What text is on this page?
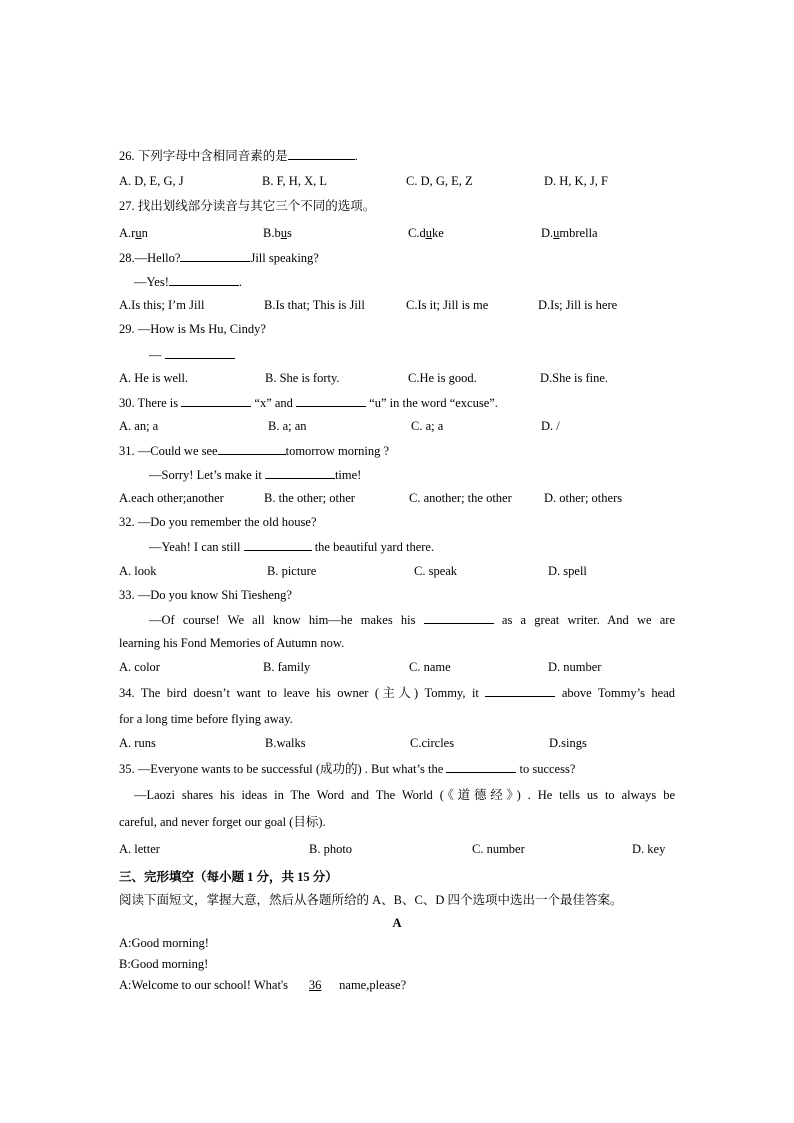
26. 下列字母中含相同音素的是	.
A. D, E, G, J	B. F, H, X, L	C. D, G, E, Z	D. H, K, J, F
27. 找出划线部分读音与其它三个不同的选项。
A.run	B.bus	C.duke	D.umbrella
28.—Hello?	Jill speaking?
—Yes!	.
A.Is this; I’m Jill	B.Is that; This is Jill	C.Is it; Jill is me	D.Is; Jill is here
29. —How is Ms Hu, Cindy?
—
A. He is well.	B. She is forty.	C.He is good.	D.She is fine.
30. There is	“x” and	“u” in the word “excuse”.
A. an; a	B. a; an	C. a; a	D. /
31. —Could we see	tomorrow morning ?
—Sorry! Let’s make it	time!
A.each other;another	B. the other; other	C. another; the other	D. other; others
32. —Do you remember the old house?
—Yeah! I can still	the beautiful yard there.
A. look	B. picture	C. speak	D. spell
33. —Do you know Shi Tiesheng?
—Of course! We all know him—he makes his	as a great writer. And we are
learning his Fond Memories of Autumn now.
A. color	B. family	C. name	D. number
34. The bird doesn’t want to leave his owner (主人) Tommy, it	above Tommy’s head
for a long time before flying away.
A. runs	B.walks	C.circles	D.sings
35. —Everyone wants to be successful (成功的) . But what’s the	to success?
—Laozi shares his ideas in The Word and The World (《道德经》) . He tells us to always be
careful, and never forget our goal (目标).
A. letter	B. photo	C. number	D. key
三、完形填空（每小题 1 分，共 15 分）
阅读下面短文，掌握大意，然后从各题所给的 A、B、C、D 四个选项中选出一个最佳答案。
A
A:Good morning!
B:Good morning!
A:Welcome to our school! What's 36 name,please?
